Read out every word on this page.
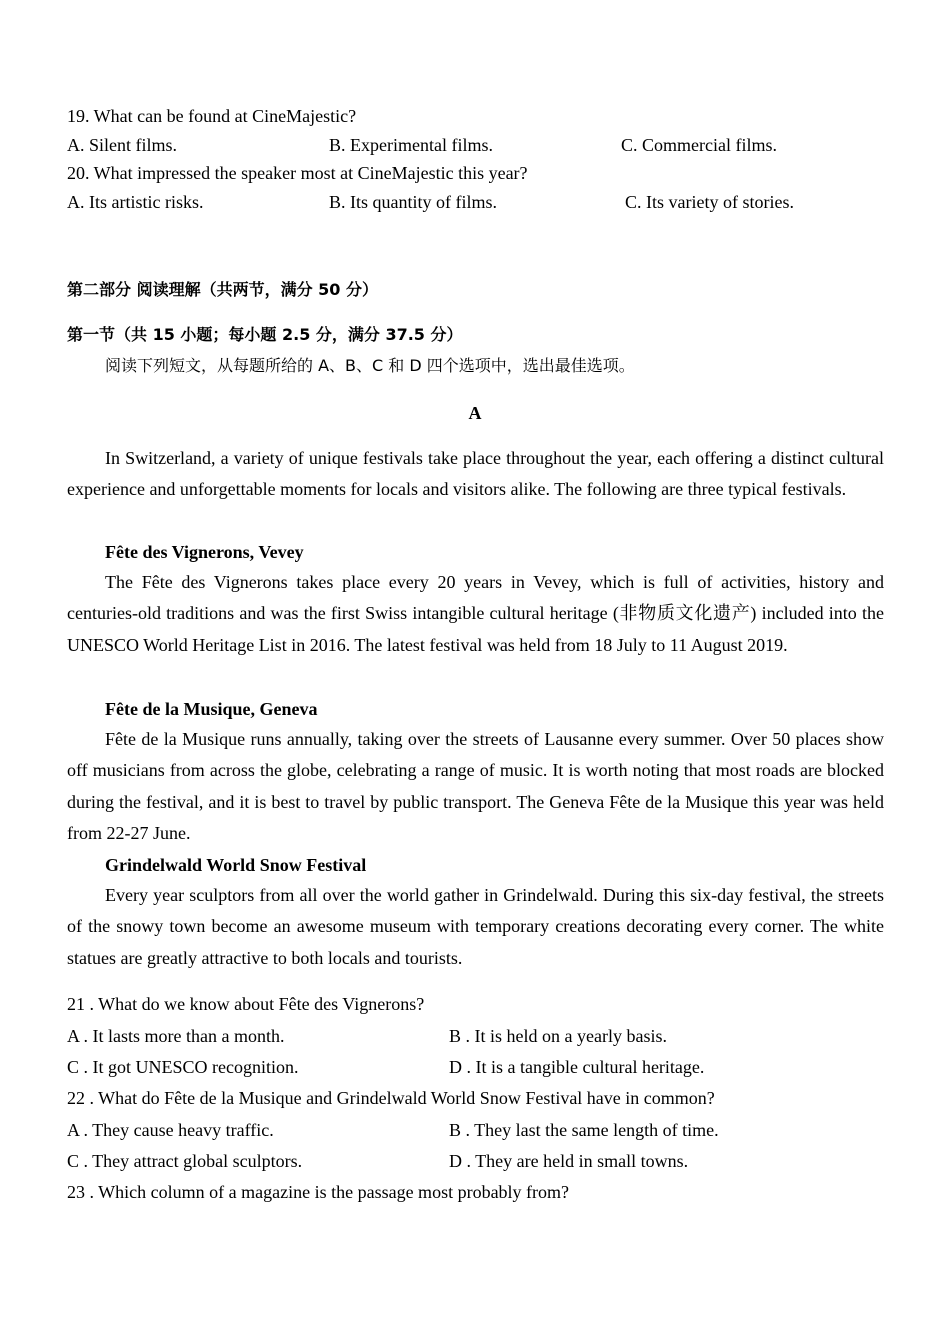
19. What can be found at CineMajestic?
A. Silent films.	B. Experimental films.	C. Commercial films.
20. What impressed the speaker most at CineMajestic this year?
A. Its artistic risks.	B. Its quantity of films.	C. Its variety of stories.
第二部分 阅读理解（共两节，满分 50 分）
第一节（共 15 小题；每小题 2.5 分，满分 37.5 分）
阅读下列短文，从每题所给的 A、B、C 和 D 四个选项中，选出最佳选项。
A

In Switzerland, a variety of unique festivals take place throughout the year, each offering a distinct cultural experience and unforgettable moments for locals and visitors alike. The following are three typical festivals.

Fête des Vignerons, Vevey

The Fête des Vignerons takes place every 20 years in Vevey, which is full of activities, history and centuries-old traditions and was the first Swiss intangible cultural heritage (非物质文化遗产) included into the UNESCO World Heritage List in 2016. The latest festival was held from 18 July to 11 August 2019.

Fête de la Musique, Geneva

Fête de la Musique runs annually, taking over the streets of Lausanne every summer. Over 50 places show off musicians from across the globe, celebrating a range of music. It is worth noting that most roads are blocked during the festival, and it is best to travel by public transport. The Geneva Fête de la Musique this year was held from 22-27 June.

Grindelwald World Snow Festival

Every year sculptors from all over the world gather in Grindelwald. During this six-day festival, the streets of the snowy town become an awesome museum with temporary creations decorating every corner. The white statues are greatly attractive to both locals and tourists.

21 . What do we know about Fête des Vignerons?
A . It lasts more than a month.	B . It is held on a yearly basis.
C . It got UNESCO recognition.	D . It is a tangible cultural heritage.
22 . What do Fête de la Musique and Grindelwald World Snow Festival have in common?
A . They cause heavy traffic.	B . They last the same length of time.
C . They attract global sculptors.	D . They are held in small towns.
23 . Which column of a magazine is the passage most probably from?
